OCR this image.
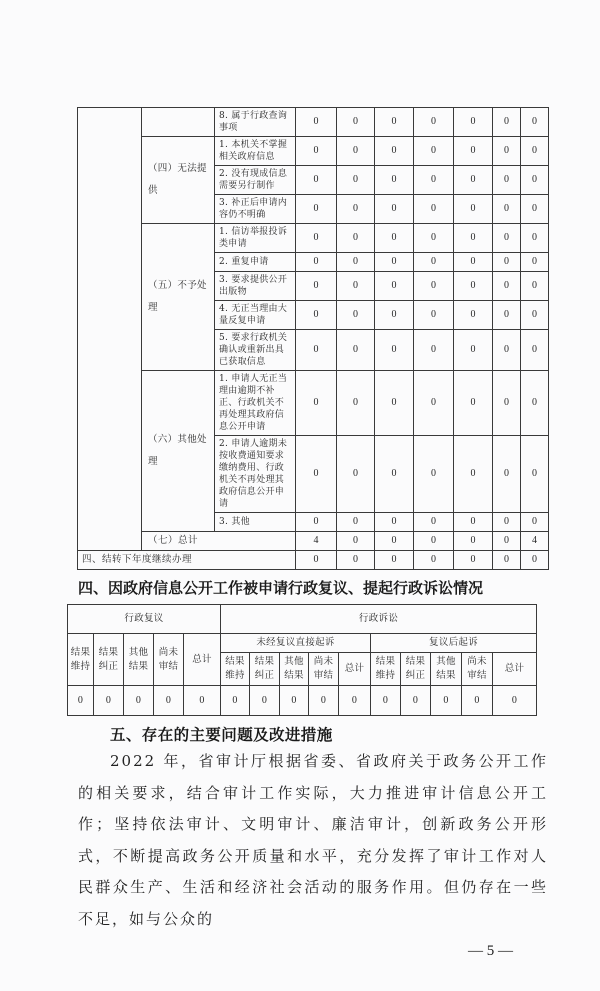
		8. 属于行政查询事项	0	0	0	0	0	0	0
	（四）无法提供	1. 本机关不掌握相关政府信息	0	0	0	0	0	0	0
		2. 没有现成信息需要另行制作	0	0	0	0	0	0	0
		3. 补正后申请内容仍不明确	0	0	0	0	0	0	0
	（五）不予处理	1. 信访举报投诉类申请	0	0	0	0	0	0	0
		2. 重复申请	0	0	0	0	0	0	0
		3. 要求提供公开出版物	0	0	0	0	0	0	0
		4. 无正当理由大量反复申请	0	0	0	0	0	0	0
		5. 要求行政机关确认或重新出具已获取信息	0	0	0	0	0	0	0
	（六）其他处理	1. 申请人无正当理由逾期不补正、行政机关不再处理其政府信息公开申请	0	0	0	0	0	0	0
		2. 申请人逾期未按收费通知要求缴纳费用、行政机关不再处理其政府信息公开申请	0	0	0	0	0	0	0
		3. 其他	0	0	0	0	0	0	0
	（七）总计		4	0	0	0	0	0	4
四、结转下年度继续办理			0	0	0	0	0	0	0
四、因政府信息公开工作被申请行政复议、提起行政诉讼情况
行政复议					行政诉讼									
结果维持	结果纠正	其他结果	尚未审结	总计	未经复议直接起诉					复议后起诉				
					结果维持	结果纠正	其他结果	尚未审结	总计	结果维持	结果纠正	其他结果	尚未审结	总计
0	0	0	0	0	0	0	0	0	0	0	0	0	0	0
五、存在的主要问题及改进措施
2022 年，省审计厅根据省委、省政府关于政务公开工作的相关要求，结合审计工作实际，大力推进审计信息公开工作；坚持依法审计、文明审计、廉洁审计，创新政务公开形式，不断提高政务公开质量和水平，充分发挥了审计工作对人民群众生产、生活和经济社会活动的服务作用。但仍存在一些不足，如与公众的
— 5 —
